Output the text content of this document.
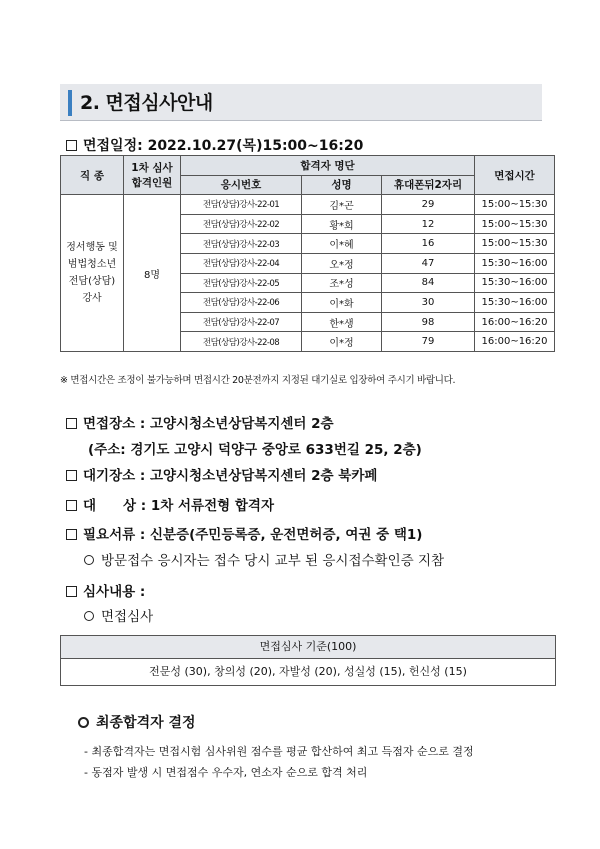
2. 면접심사안내
면접일정: 2022.10.27(목)15:00~16:20
직 종	1차 심사
합격인원	합격자 명단			면접시간
		응시번호	성명	휴대폰뒤2자리	
정서행동 및
범법청소년
전담(상담)
강사	8명	전담(상담)강사-22-01	김*곤	29	15:00~15:30
		전담(상담)강사-22-02	황*희	12	15:00~15:30
		전담(상담)강사-22-03	이*혜	16	15:00~15:30
		전담(상담)강사-22-04	오*정	47	15:30~16:00
		전담(상담)강사-22-05	조*성	84	15:30~16:00
		전담(상담)강사-22-06	이*화	30	15:30~16:00
		전담(상담)강사-22-07	한*생	98	16:00~16:20
		전담(상담)강사-22-08	이*정	79	16:00~16:20
※ 면접시간은 조정이 불가능하며 면접시간 20분전까지 지정된 대기실로 입장하여 주시기 바랍니다.
면접장소 : 고양시청소년상담복지센터 2층
(주소: 경기도 고양시 덕양구 중앙로 633번길 25, 2층)
대기장소 : 고양시청소년상담복지센터 2층 북카페
대　　상 : 1차 서류전형 합격자
필요서류 : 신분증(주민등록증, 운전면허증, 여권 중 택1)
방문접수 응시자는 접수 당시 교부 된 응시접수확인증 지참
심사내용 :
면접심사
면접심사 기준(100)
전문성 (30), 창의성 (20), 자발성 (20), 성실성 (15), 헌신성 (15)
최종합격자 결정
- 최종합격자는 면접시험 심사위원 점수를 평균 합산하여 최고 득점자 순으로 결정
- 동점자 발생 시 면접점수 우수자, 연소자 순으로 합격 처리
